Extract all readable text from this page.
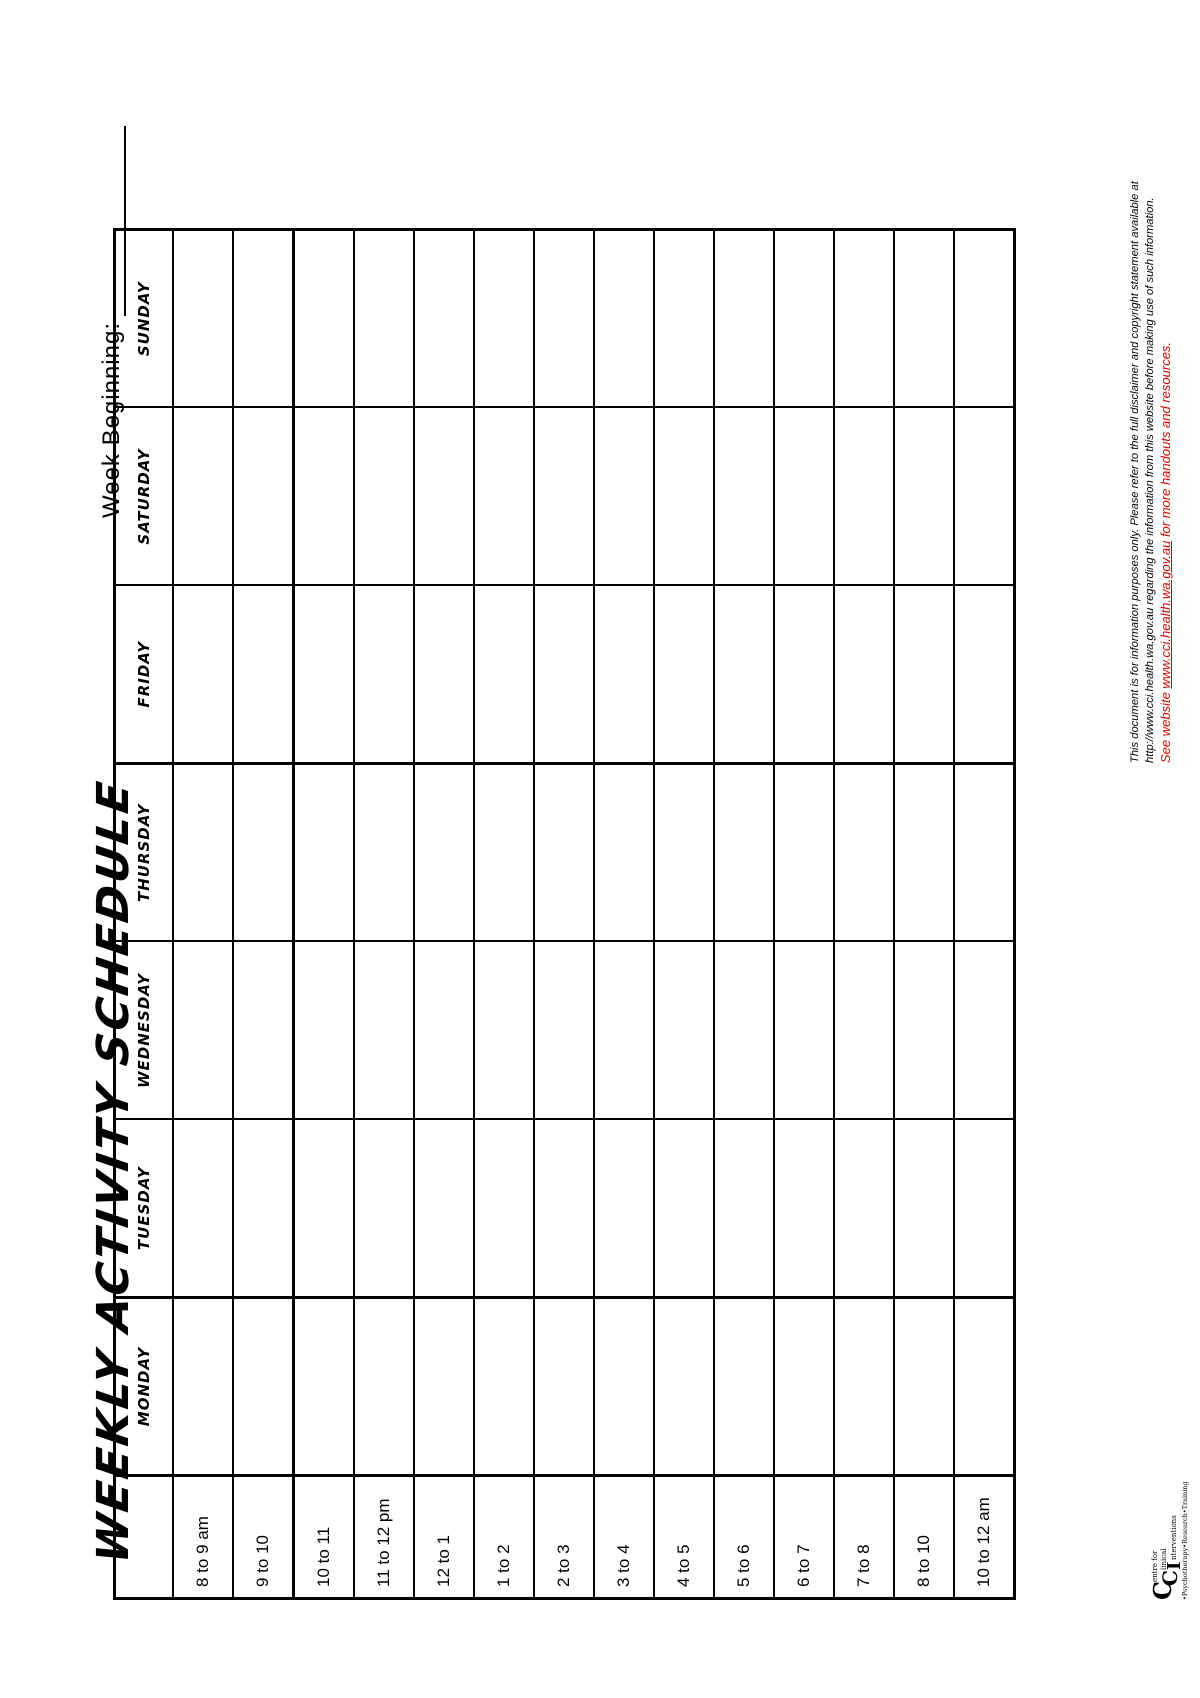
WEEKLY ACTIVITY SCHEDULE
Week Beginning:
	MONDAY	TUESDAY	WEDNESDAY	THURSDAY	FRIDAY	SATURDAY	SUNDAY
8 to 9 am							
9 to 10							
10 to 11							
11 to 12 pm							
12 to 1							
1 to 2							
2 to 3							
3 to 4							
4 to 5							
5 to 6							
6 to 7							
7 to 8							
8 to 10							
10 to 12 am							
C
entre for C
linical
I
nterventions •Psychotherapy•Research•Training
This document is for information purposes only. Please refer to the full disclaimer and copyright statement available at http://www.cci.health.wa.gov.au regarding the information from this website before making use of such information. See website www.cci.health.wa.gov.au for more handouts and resources.
